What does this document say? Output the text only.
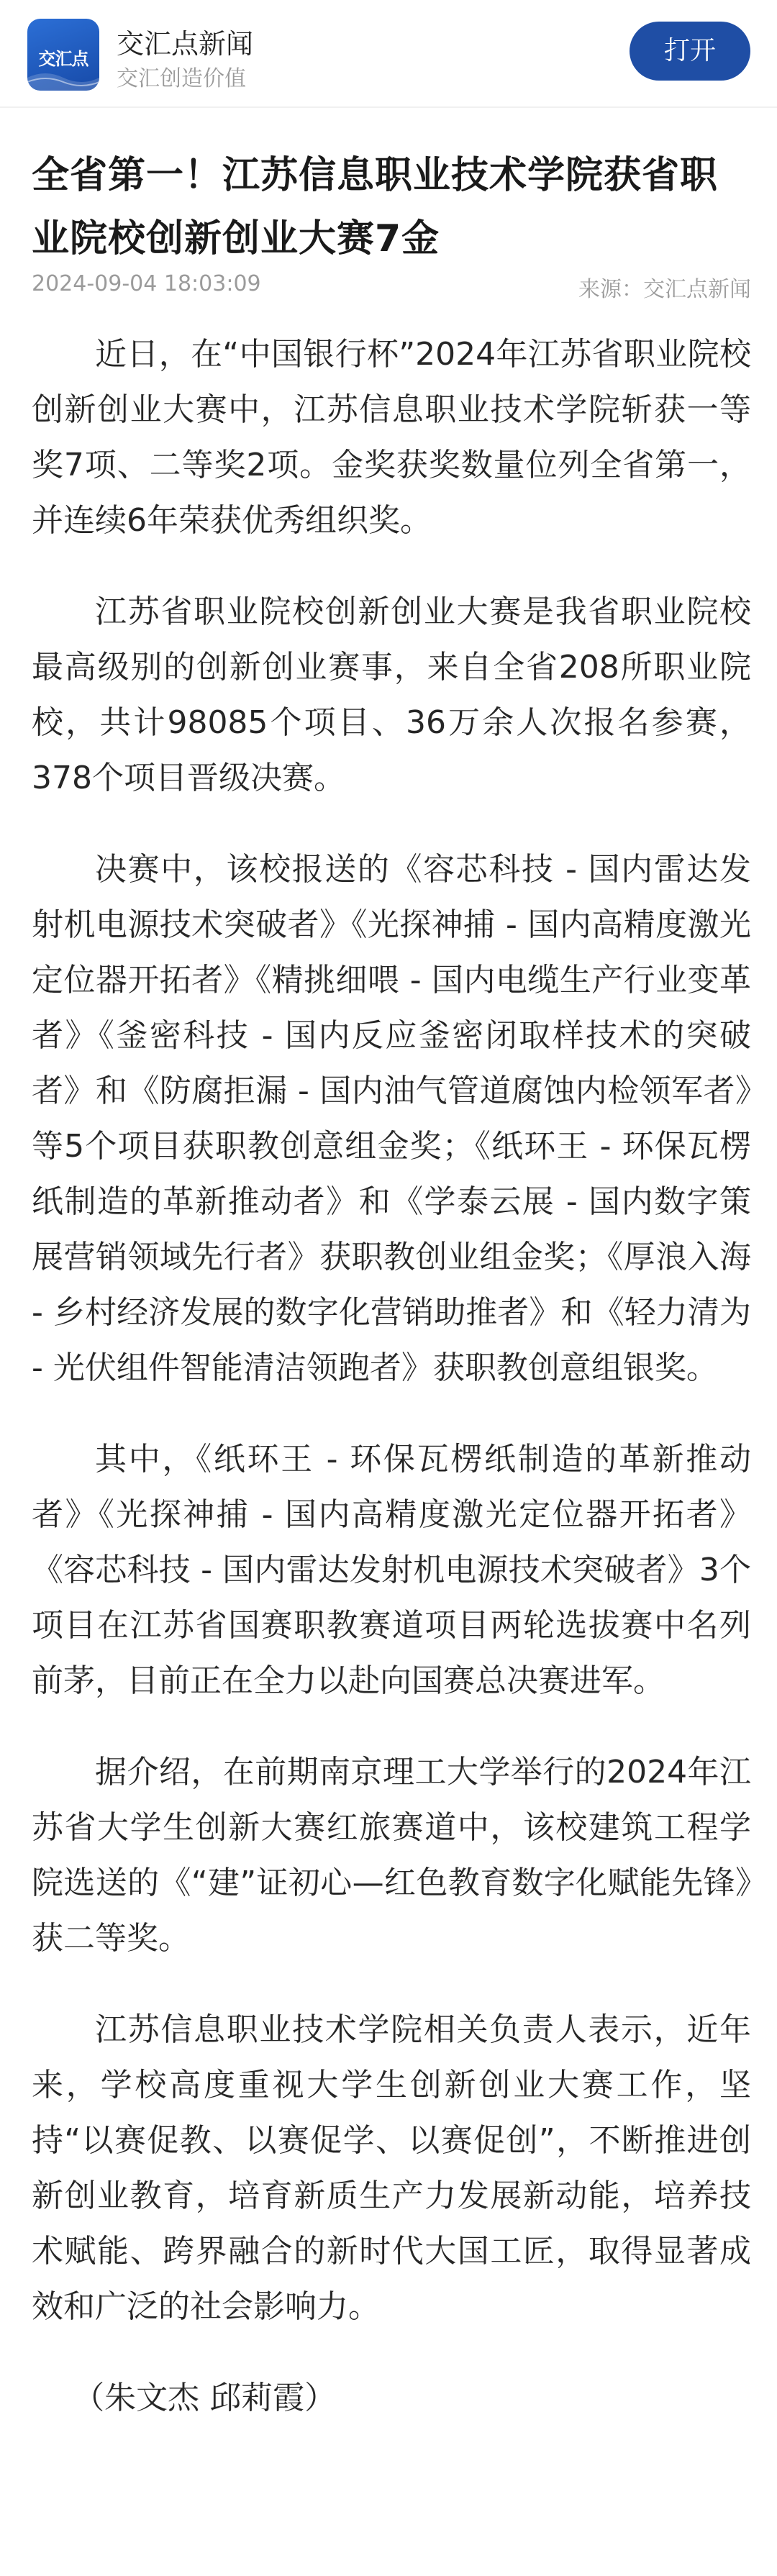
交汇点	交汇点新闻
交汇创造价值
打开
全省第一！江苏信息职业技术学院获省职业院校创新创业大赛7金
2024-09-04 18:03:09	来源：交汇点新闻

近日，在“中国银行杯”2024年江苏省职业院校创新创业大赛中，江苏信息职业技术学院斩获一等奖7项、二等奖2项。金奖获奖数量位列全省第一，并连续6年荣获优秀组织奖。

江苏省职业院校创新创业大赛是我省职业院校最高级别的创新创业赛事，来自全省208所职业院校，共计98085个项目、36万余人次报名参赛，378个项目晋级决赛。

决赛中，该校报送的《容芯科技 - 国内雷达发射机电源技术突破者》《光探神捕 - 国内高精度激光定位器开拓者》《精挑细喂 - 国内电缆生产行业变革者》《釜密科技 - 国内反应釜密闭取样技术的突破者》和《防腐拒漏 - 国内油气管道腐蚀内检领军者》等5个项目获职教创意组金奖；《纸环王 - 环保瓦楞纸制造的革新推动者》和《学泰云展 - 国内数字策展营销领域先行者》获职教创业组金奖；《厚浪入海 - 乡村经济发展的数字化营销助推者》和《轻力清为 - 光伏组件智能清洁领跑者》获职教创意组银奖。

其中，《纸环王 - 环保瓦楞纸制造的革新推动者》《光探神捕 - 国内高精度激光定位器开拓者》《容芯科技 - 国内雷达发射机电源技术突破者》3个项目在江苏省国赛职教赛道项目两轮选拔赛中名列前茅，目前正在全力以赴向国赛总决赛进军。

据介绍，在前期南京理工大学举行的2024年江苏省大学生创新大赛红旅赛道中，该校建筑工程学院选送的《“建”证初心—红色教育数字化赋能先锋》获二等奖。

江苏信息职业技术学院相关负责人表示，近年来，学校高度重视大学生创新创业大赛工作，坚持“以赛促教、以赛促学、以赛促创”，不断推进创新创业教育，培育新质生产力发展新动能，培养技术赋能、跨界融合的新时代大国工匠，取得显著成效和广泛的社会影响力。

（朱文杰 邱莉霞）
